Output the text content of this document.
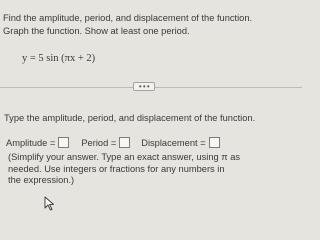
Find the amplitude, period, and displacement of the function.
Graph the function. Show at least one period.
y = 5 sin (πx + 2)
• • •
Type the amplitude, period, and displacement of the function.
Amplitude =	Period =	Displacement =
(Simplify your answer. Type an exact answer, using π as
needed. Use integers or fractions for any numbers in
the expression.)
